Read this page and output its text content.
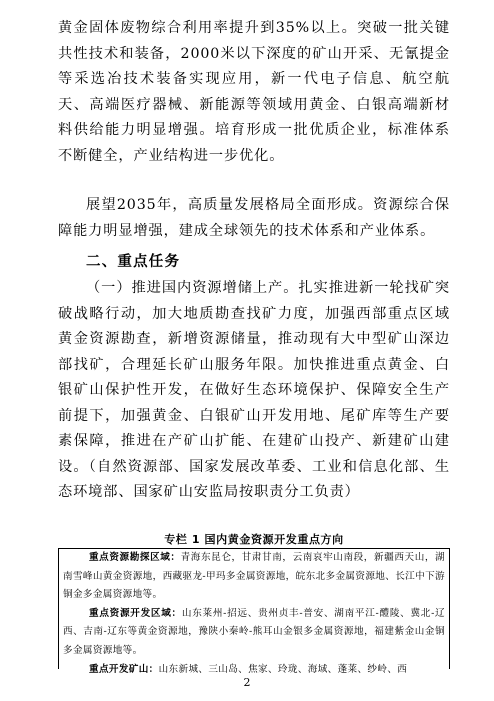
黄金固体废物综合利用率提升到35%以上。突破一批关键共性技术和装备，2000米以下深度的矿山开采、无氰提金等采选冶技术装备实现应用，新一代电子信息、航空航天、高端医疗器械、新能源等领域用黄金、白银高端新材料供给能力明显增强。培育形成一批优质企业，标准体系不断健全，产业结构进一步优化。

展望2035年，高质量发展格局全面形成。资源综合保障能力明显增强，建成全球领先的技术体系和产业体系。

二、重点任务

（一）推进国内资源增储上产。扎实推进新一轮找矿突破战略行动，加大地质勘查找矿力度，加强西部重点区域黄金资源勘查，新增资源储量，推动现有大中型矿山深边部找矿，合理延长矿山服务年限。加快推进重点黄金、白银矿山保护性开发，在做好生态环境保护、保障安全生产前提下，加强黄金、白银矿山开发用地、尾矿库等生产要素保障，推进在产矿山扩能、在建矿山投产、新建矿山建设。（自然资源部、国家发展改革委、工业和信息化部、生态环境部、国家矿山安监局按职责分工负责）

专栏 1 国内黄金资源开发重点方向

重点资源勘探区域：青海东昆仑，甘肃甘南，云南哀牢山南段，新疆西天山，湖南雪峰山黄金资源地，西藏驱龙-甲玛多金属资源地，皖东北多金属资源地、长江中下游铜金多金属资源地等。

重点资源开发区域：山东莱州-招远、贵州贞丰-普安、湖南平江-醴陵、冀北-辽西、吉南-辽东等黄金资源地，豫陕小秦岭-熊耳山金银多金属资源地，福建紫金山金铜多金属资源地等。

重点开发矿山：山东新城、三山岛、焦家、玲珑、海域、蓬莱、纱岭、西

2
